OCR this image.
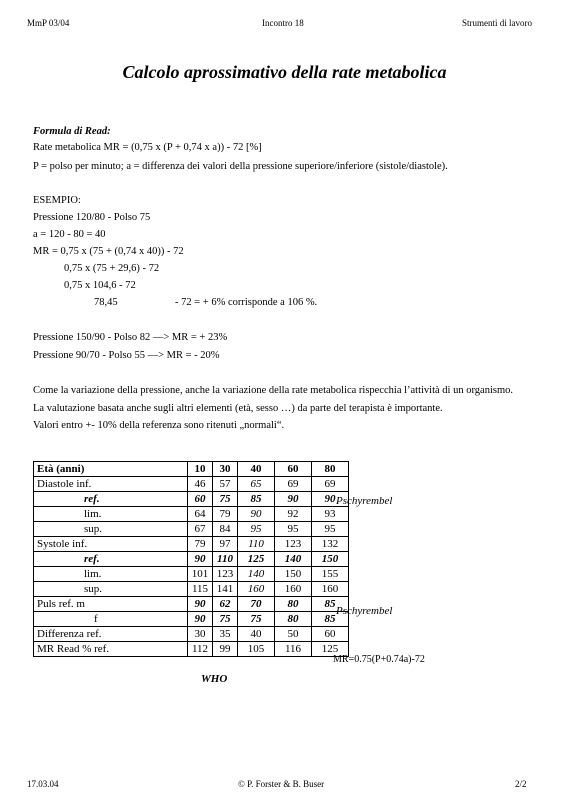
MmP 03/04	Incontro 18	Strumenti di lavoro
Calcolo aprossimativo della rate metabolica
Formula di Read:
Rate metabolica MR = (0,75 x (P + 0,74 x a)) - 72 [%]
P = polso per minuto; a = differenza dei valori della pressione superiore/inferiore (sistole/diastole).
ESEMPIO:
Pressione 120/80 - Polso 75
a = 120 - 80 = 40
MR = 0,75 x (75 + (0,74 x 40)) - 72
0,75 x (75 + 29,6) - 72
0,75 x 104,6 - 72
78,45	- 72 = + 6% corrisponde a 106 %.
Pressione 150/90 - Polso 82 —> MR = + 23%
Pressione 90/70 - Polso 55 —> MR = - 20%
Come la variazione della pressione, anche la variazione della rate metabolica rispecchia l’attività di un organismo.
La valutazione basata anche sugli altri elementi (età, sesso …) da parte del terapista è importante.
Valori entro +- 10% della referenza sono ritenuti „normali“.
Età (anni)	10	30	40	60	80
Diastole inf.	46	57	65	69	69
ref.	60	75	85	90	90
lim.	64	79	90	92	93
sup.	67	84	95	95	95
Systole inf.	79	97	110	123	132
ref.	90	110	125	140	150
lim.	101	123	140	150	155
sup.	115	141	160	160	160
Puls ref. m	90	62	70	80	85
f	90	75	75	80	85
Differenza ref.	30	35	40	50	60
MR Read % ref.	112	99	105	116	125
Pschyrembel
Pschyrembel
MR=0.75(P+0.74a)-72
WHO
17.03.04	© P. Forster & B. Buser	2/2
